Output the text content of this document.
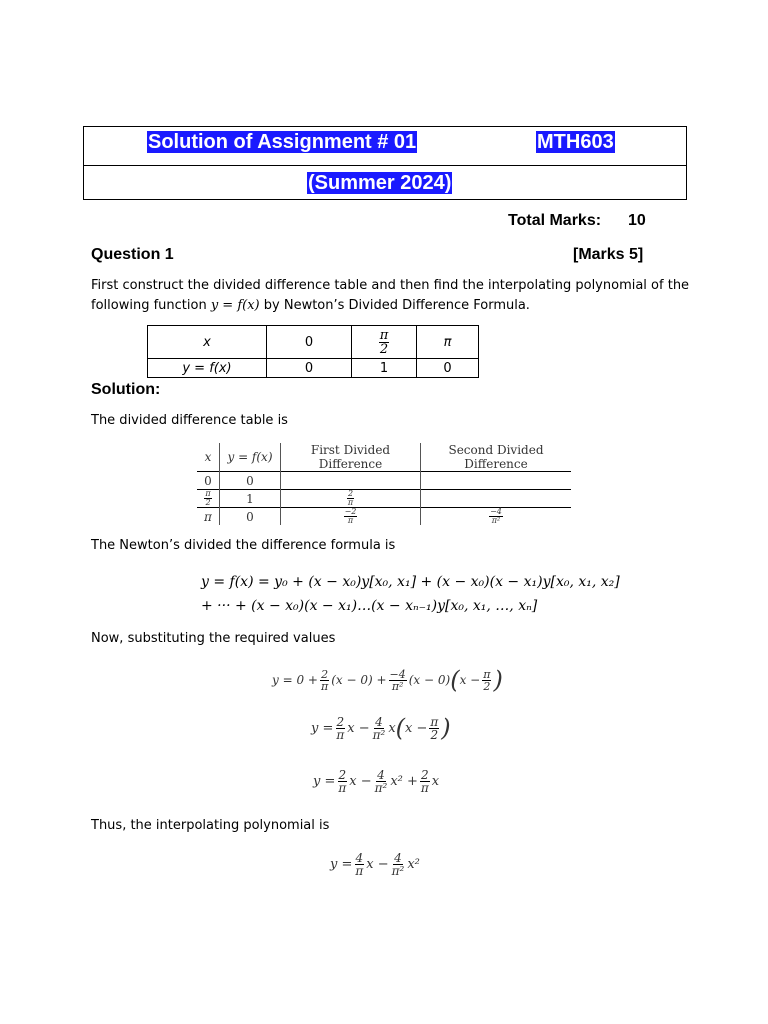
Solution of Assignment # 01	MTH603
(Summer 2024)
Total Marks: 10
Question 1	[Marks 5]
First construct the divided difference table and then find the interpolating polynomial of the
following function y = f(x) by Newton’s Divided Difference Formula.
x	0	$\frac{\pi}{2}$	π
y = f(x)	0	1	0
Solution:
The divided difference table is
x	y = f(x)	First Divided Difference	Second Divided Difference
0	0		

$\frac{\pi}{2}$	1	$\frac{2}{\pi}$

π	0	$\frac{-2}{\pi}$	$\frac{-4}{\text{π²}}$
The Newton’s divided the difference formula is
y = f(x) = y₀ + (x − x₀)y[x₀, x₁] + (x − x₀)(x − x₁)y[x₀, x₁, x₂]
+ ··· + (x − x₀)(x − x₁)…(x − xₙ₋₁)y[x₀, x₁, …, xₙ]
Now, substituting the required values
$y = 0 + \frac{2}{\pi} (x - 0) + \frac{-4}{\text{π²}} (x - 0)$ ( $x - \frac{\pi}{2}$ )
$y = \frac{2}{\pi}$ $x - \frac{4}{\text{π²}}$ x ( $x - \frac{\pi}{2}$ )
$y = \frac{2}{\pi}$ $x - \frac{4}{\text{π²}} x^2 + \frac{2}{\pi}$ x
Thus, the interpolating polynomial is
$y = \frac{4}{\pi}$ $x - \frac{4}{\text{π²}} x^2$
